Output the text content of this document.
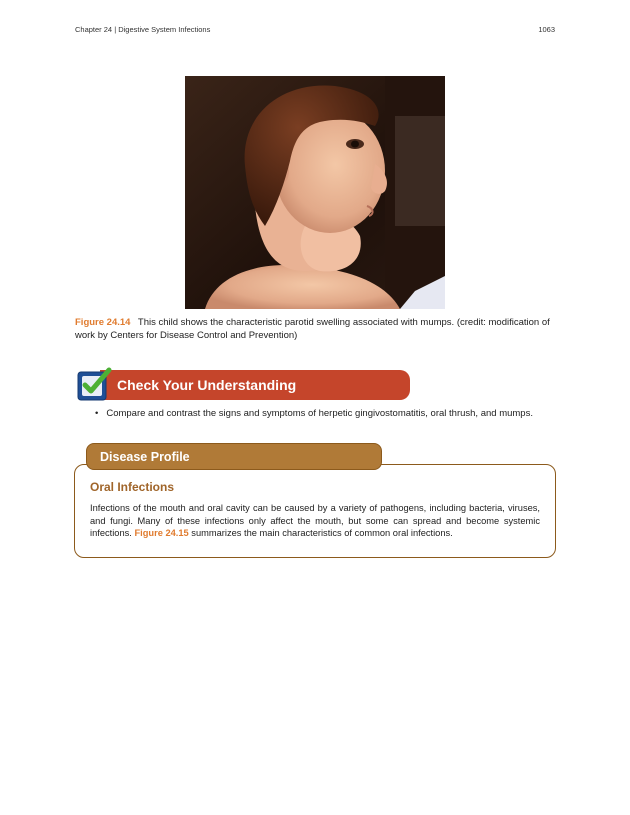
Chapter 24 | Digestive System Infections	1063
Figure 24.14 This child shows the characteristic parotid swelling associated with mumps. (credit: modification of work by Centers for Disease Control and Prevention)
Check Your Understanding
• Compare and contrast the signs and symptoms of herpetic gingivostomatitis, oral thrush, and mumps.
Disease Profile
Oral Infections
Infections of the mouth and oral cavity can be caused by a variety of pathogens, including bacteria, viruses, and fungi. Many of these infections only affect the mouth, but some can spread and become systemic infections. Figure 24.15 summarizes the main characteristics of common oral infections.
